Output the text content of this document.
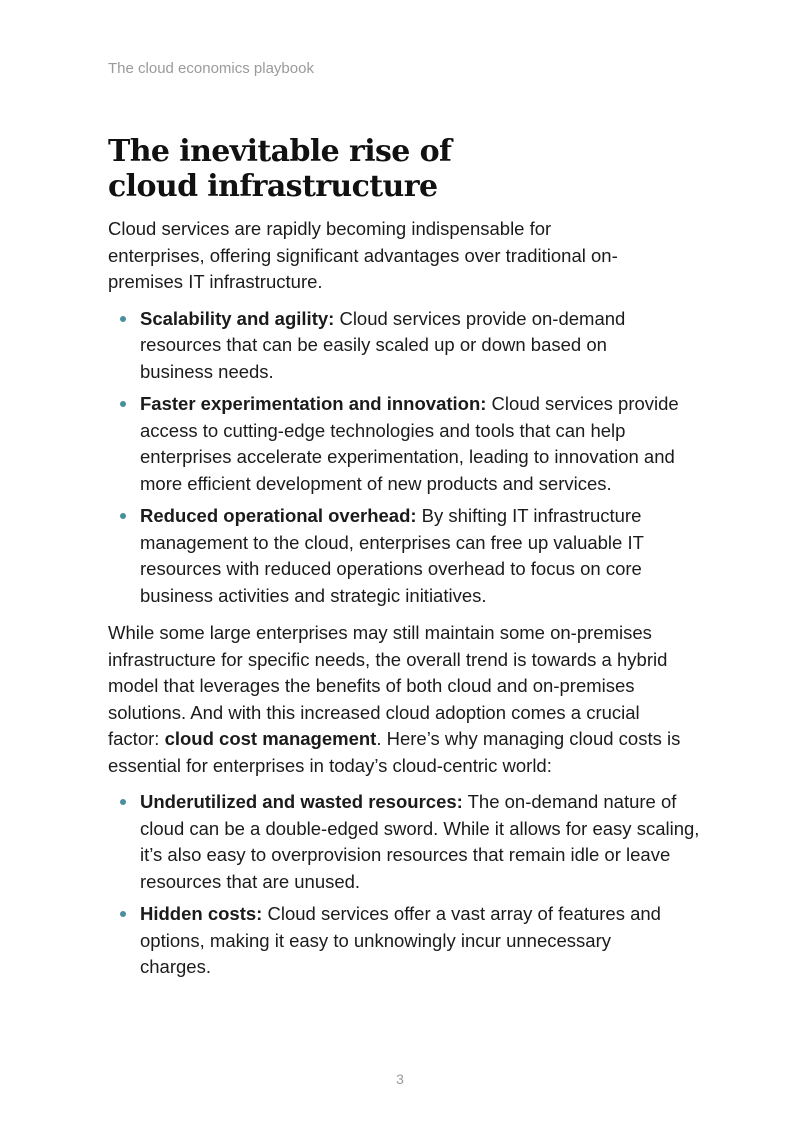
The cloud economics playbook
The inevitable rise of cloud infrastructure

Cloud services are rapidly becoming indispensable for enterprises, offering significant advantages over traditional on-premises IT infrastructure.

Scalability and agility: Cloud services provide on-demand resources that can be easily scaled up or down based on business needs.
Faster experimentation and innovation: Cloud services provide access to cutting-edge technologies and tools that can help enterprises accelerate experimentation, leading to innovation and more efficient development of new products and services.
Reduced operational overhead: By shifting IT infrastructure management to the cloud, enterprises can free up valuable IT resources with reduced operations overhead to focus on core business activities and strategic initiatives.

While some large enterprises may still maintain some on-premises infrastructure for specific needs, the overall trend is towards a hybrid model that leverages the benefits of both cloud and on-premises solutions. And with this increased cloud adoption comes a crucial factor: cloud cost management. Here’s why managing cloud costs is essential for enterprises in today’s cloud-centric world:

Underutilized and wasted resources: The on-demand nature of cloud can be a double-edged sword. While it allows for easy scaling, it’s also easy to overprovision resources that remain idle or leave resources that are unused.
Hidden costs: Cloud services offer a vast array of features and options, making it easy to unknowingly incur unnecessary charges.
3
